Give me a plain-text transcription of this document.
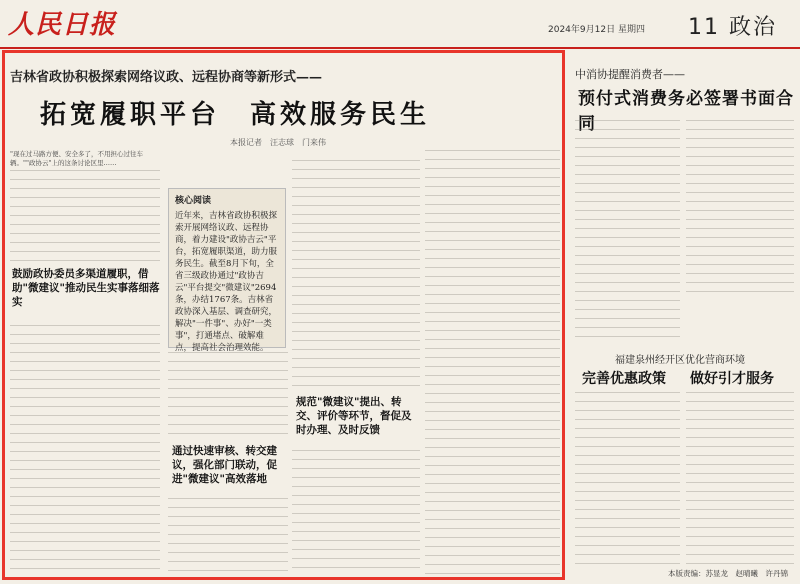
人民日报	2024年9月12日 星期四 11 政治
吉林省政协积极探索网络议政、远程协商等新形式——
拓宽履职平台　高效服务民生
本报记者　汪志球　门来伟
"现在过马路方便、安全多了，不用担心过往车辆。""政协云"上的这条讨论区里……
鼓励政协委员多渠道履职，借助"微建议"推动民生实事落细落实
核心阅读
近年来，吉林省政协积极探索开展网络议政、远程协商，着力建设"政协吉云"平台，拓宽履职渠道，助力服务民生。截至8月下旬，全省三级政协通过"政协吉云"平台提交"微建议"2694条，办结1767条。吉林省政协深入基层、调查研究，解决"一件事"、办好"一类事"，打通堵点、破解难点，提高社会治理效能。
通过快速审核、转交建议，强化部门联动，促进"微建议"高效落地
规范"微建议"提出、转交、评价等环节，督促及时办理、及时反馈
中消协提醒消费者——
预付式消费务必签署书面合同
福建泉州经开区优化营商环境
完善优惠政策 做好引才服务
本版责编：苏显龙　赵晴曦　许丹锦
